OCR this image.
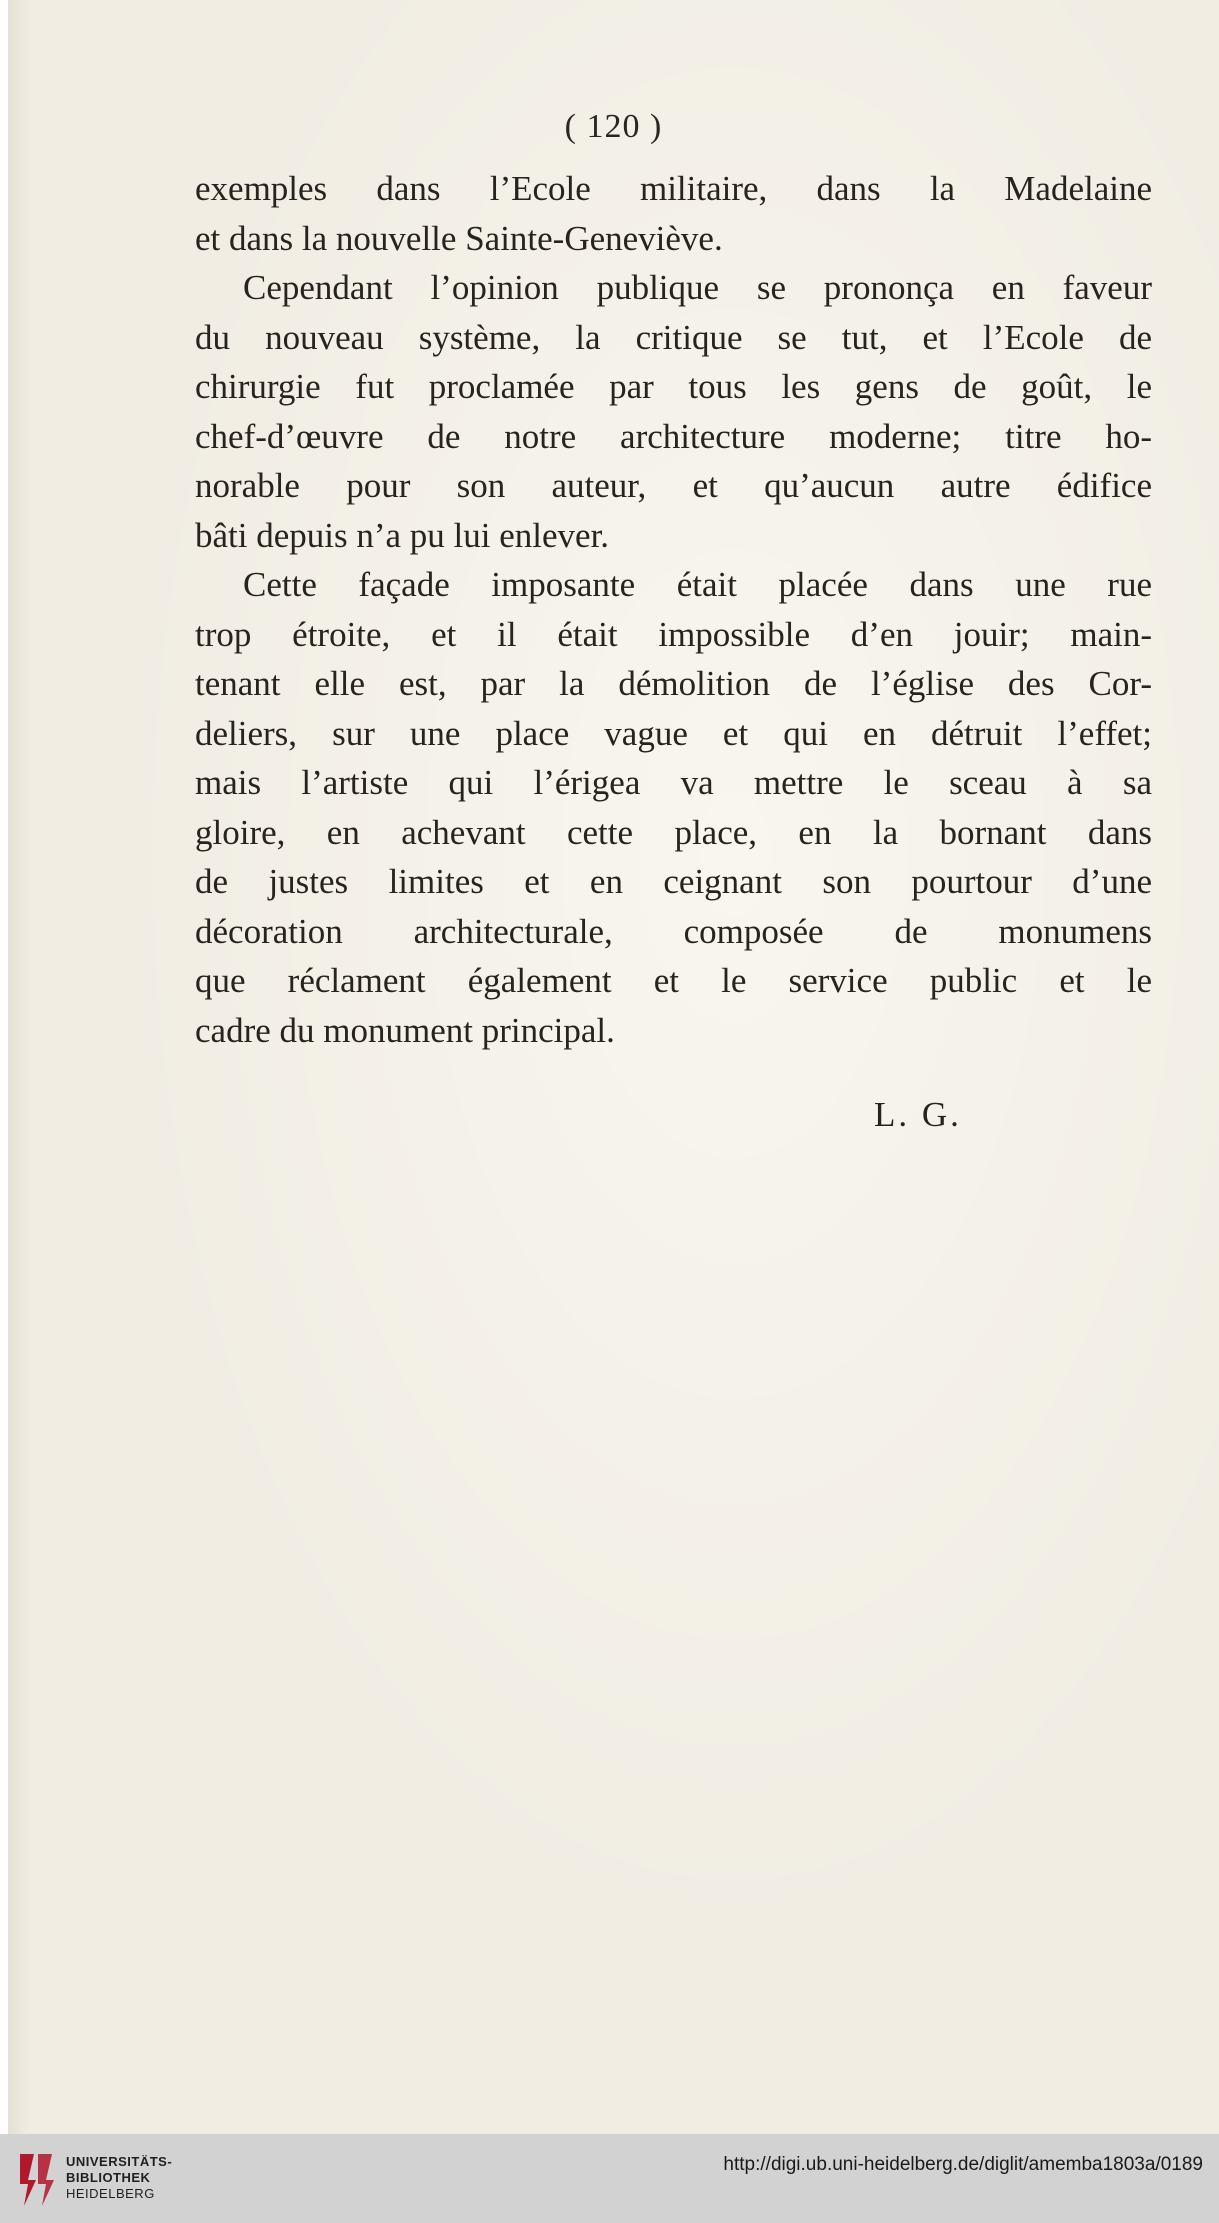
( 120 )
exemples dans l’Ecole militaire, dans la Madelaine
et dans la nouvelle Sainte-Geneviève.
Cependant l’opinion publique se prononça en faveur
du nouveau système, la critique se tut, et l’Ecole de
chirurgie fut proclamée par tous les gens de goût, le
chef-d’œuvre de notre architecture moderne; titre ho-
norable pour son auteur, et qu’aucun autre édifice
bâti depuis n’a pu lui enlever.
Cette façade imposante était placée dans une rue
trop étroite, et il était impossible d’en jouir; main-
tenant elle est, par la démolition de l’église des Cor-
deliers, sur une place vague et qui en détruit l’effet;
mais l’artiste qui l’érigea va mettre le sceau à sa
gloire, en achevant cette place, en la bornant dans
de justes limites et en ceignant son pourtour d’une
décoration architecturale, composée de monumens
que réclament également et le service public et le
cadre du monument principal.
L. G.
UNIVERSITÄTS-
BIBLIOTHEK
HEIDELBERG
http://digi.ub.uni-heidelberg.de/diglit/amemba1803a/0189
